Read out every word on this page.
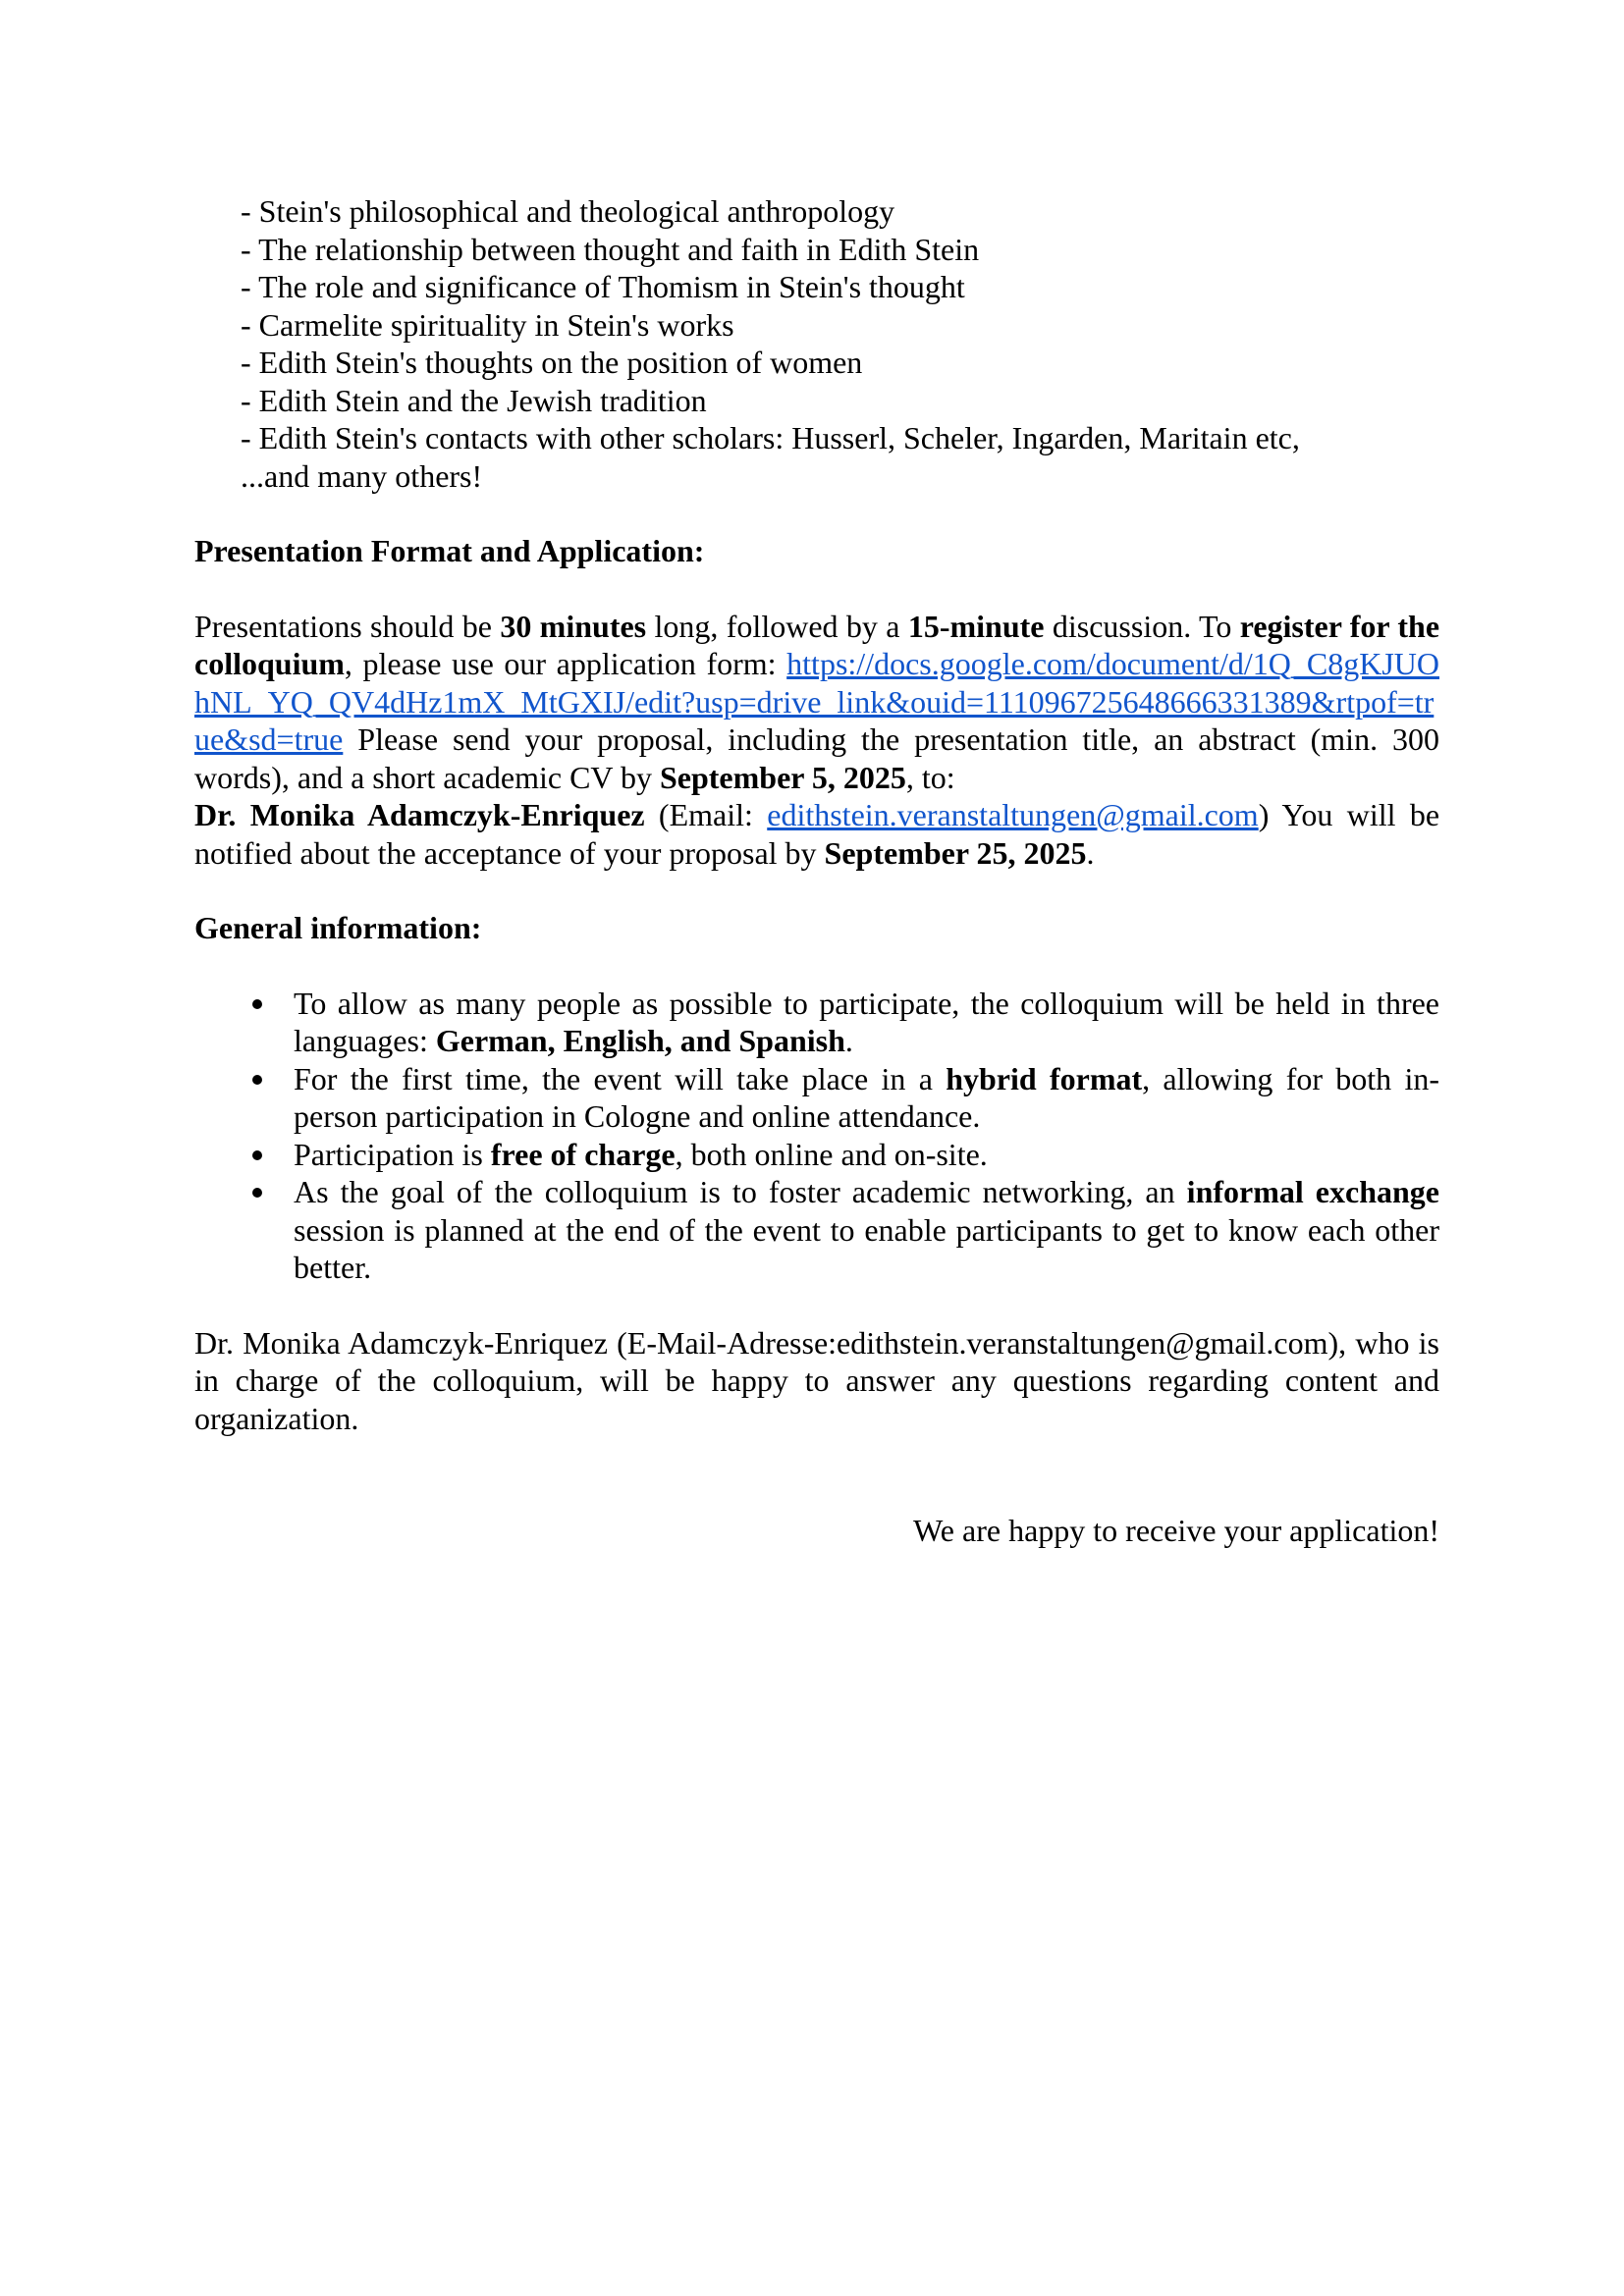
- Stein's philosophical and theological anthropology
- The relationship between thought and faith in Edith Stein
- The role and significance of Thomism in Stein's thought
- Carmelite spirituality in Stein's works
- Edith Stein's thoughts on the position of women
- Edith Stein and the Jewish tradition
- Edith Stein's contacts with other scholars: Husserl, Scheler, Ingarden, Maritain etc,
...and many others!
Presentation Format and Application:

Presentations should be 30 minutes long, followed by a 15-minute discussion. To register for the colloquium, please use our application form: https://docs.google.com/document/d/1Q_C8gKJUOhNL_YQ_QV4dHz1mX_MtGXIJ/edit?usp=drive_link&ouid=111096725648666331389&rtpof=true&sd=true Please send your proposal, including the presentation title, an abstract (min. 300 words), and a short academic CV by September 5, 2025, to:
Dr. Monika Adamczyk-Enriquez (Email: edithstein.veranstaltungen@gmail.com) You will be notified about the acceptance of your proposal by September 25, 2025.

General information:
To allow as many people as possible to participate, the colloquium will be held in three languages: German, English, and Spanish.
For the first time, the event will take place in a hybrid format, allowing for both in-person participation in Cologne and online attendance.
Participation is free of charge, both online and on-site.
As the goal of the colloquium is to foster academic networking, an informal exchange session is planned at the end of the event to enable participants to get to know each other better.

Dr. Monika Adamczyk-Enriquez (E-Mail-Adresse:edithstein.veranstaltungen@gmail.com), who is in charge of the colloquium, will be happy to answer any questions regarding content and organization.

We are happy to receive your application!
